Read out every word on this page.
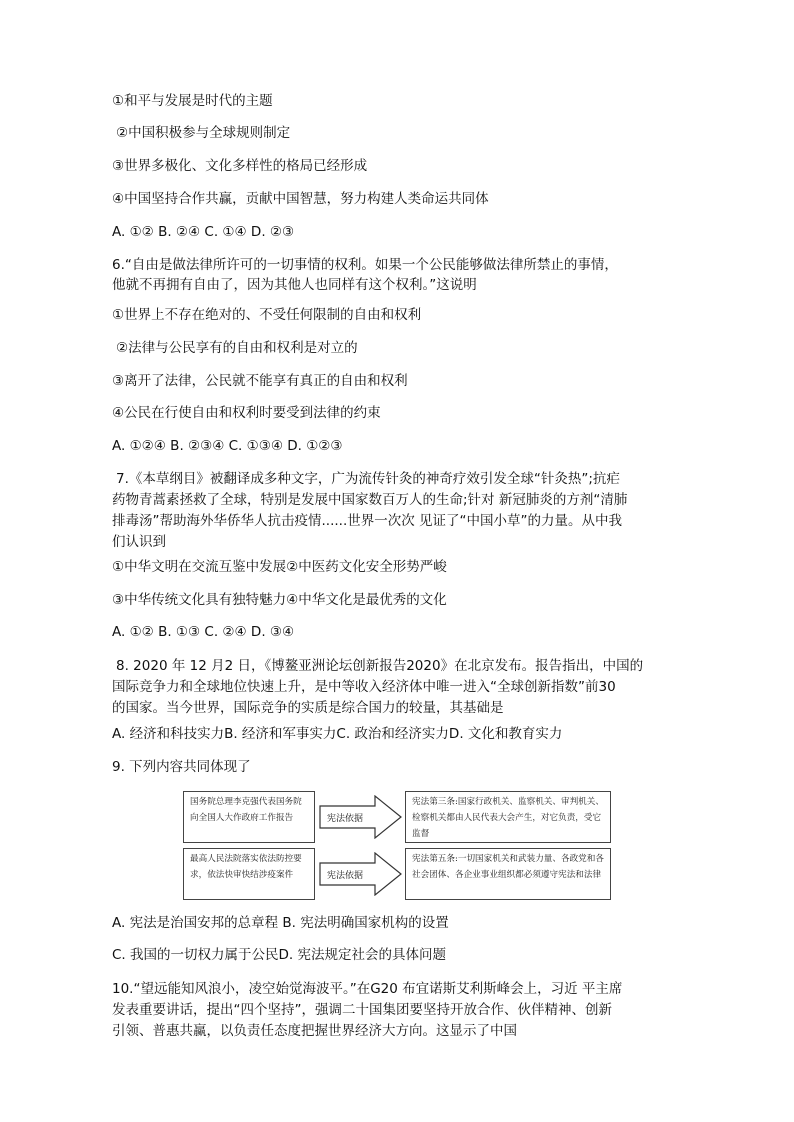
①和平与发展是时代的主题
②中国积极参与全球规则制定
③世界多极化、文化多样性的格局已经形成
④中国坚持合作共赢，贡献中国智慧，努力构建人类命运共同体
A. ①② B. ②④ C. ①④ D. ②③
6.“自由是做法律所许可的一切事情的权利。如果一个公民能够做法律所禁止的事情，
他就不再拥有自由了，因为其他人也同样有这个权利。”这说明
①世界上不存在绝对的、不受任何限制的自由和权利
②法律与公民享有的自由和权利是对立的
③离开了法律，公民就不能享有真正的自由和权利
④公民在行使自由和权利时要受到法律的约束
A. ①②④ B. ②③④ C. ①③④ D. ①②③
7.《本草纲目》被翻译成多种文字，广为流传针灸的神奇疗效引发全球“针灸热”;抗疟
药物青蒿素拯救了全球，特别是发展中国家数百万人的生命;针对 新冠肺炎的方剂“清肺
排毒汤”帮助海外华侨华人抗击疫情......世界一次次 见证了“中国小草”的力量。从中我
们认识到
①中华文明在交流互鉴中发展②中医药文化安全形势严峻
③中华传统文化具有独特魅力④中华文化是最优秀的文化
A. ①② B. ①③ C. ②④ D. ③④
8. 2020 年 12 月2 日，《博鳌亚洲论坛创新报告2020》在北京发布。报告指出，中国的
国际竞争力和全球地位快速上升，是中等收入经济体中唯一进入“全球创新指数”前30
的国家。当今世界，国际竞争的实质是综合国力的较量，其基础是
A. 经济和科技实力B. 经济和军事实力C. 政治和经济实力D. 文化和教育实力
9. 下列内容共同体现了
国务院总理李克强代表国务院向全国人大作政府工作报告	宪法依据
宪法第三条:国家行政机关、监察机关、审判机关、检察机关都由人民代表大会产生，对它负责，受它监督
最高人民法院落实依法防控要求，依法快审快结涉疫案件	宪法依据
宪法第五条:一切国家机关和武装力量、各政党和各社会团体、各企业事业组织都必须遵守宪法和法律
A. 宪法是治国安邦的总章程 B. 宪法明确国家机构的设置
C. 我国的一切权力属于公民D. 宪法规定社会的具体问题
10.“望远能知风浪小，凌空始觉海波平。”在G20 布宜诺斯艾利斯峰会上，习近 平主席
发表重要讲话，提出“四个坚持”，强调二十国集团要坚持开放合作、伙伴精神、创新
引领、普惠共赢，以负责任态度把握世界经济大方向。这显示了中国
